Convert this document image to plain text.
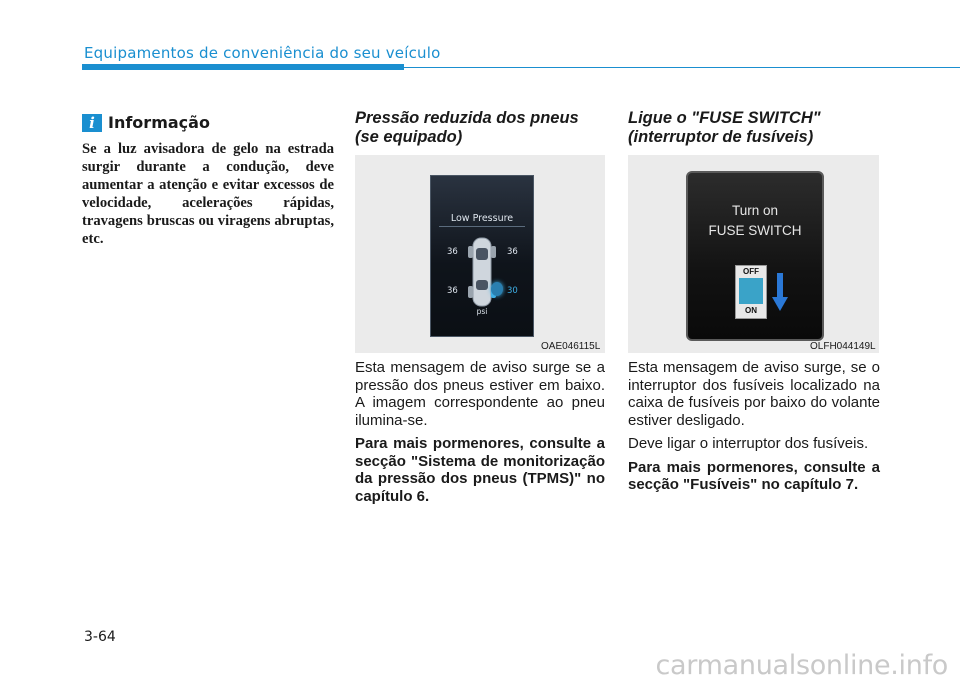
Equipamentos de conveniência do seu veículo
i Informação
Se a luz avisadora de gelo na estrada surgir durante a condução, deve aumentar a atenção e evitar excessos de velocidade, acelerações rápidas, travagens bruscas ou viragens abruptas, etc.
Pressão reduzida dos pneus
(se equipado)
Low Pressure
36	36
36	30
psi
OAE046115L

Esta mensagem de aviso surge se a pressão dos pneus estiver em baixo. A imagem correspondente ao pneu ilumina-se.

Para mais pormenores, consulte a secção "Sistema de monitorização da pressão dos pneus (TPMS)" no capítulo 6.

Ligue o "FUSE SWITCH"
(interruptor de fusíveis)
Turn on
FUSE SWITCH
OFF
ON
OLFH044149L

Esta mensagem de aviso surge, se o interruptor dos fusíveis localizado na caixa de fusíveis por baixo do volante estiver desligado.

Deve ligar o interruptor dos fusíveis.

Para mais pormenores, consulte a secção "Fusíveis" no capítulo 7.

3-64
carmanualsonline.info
